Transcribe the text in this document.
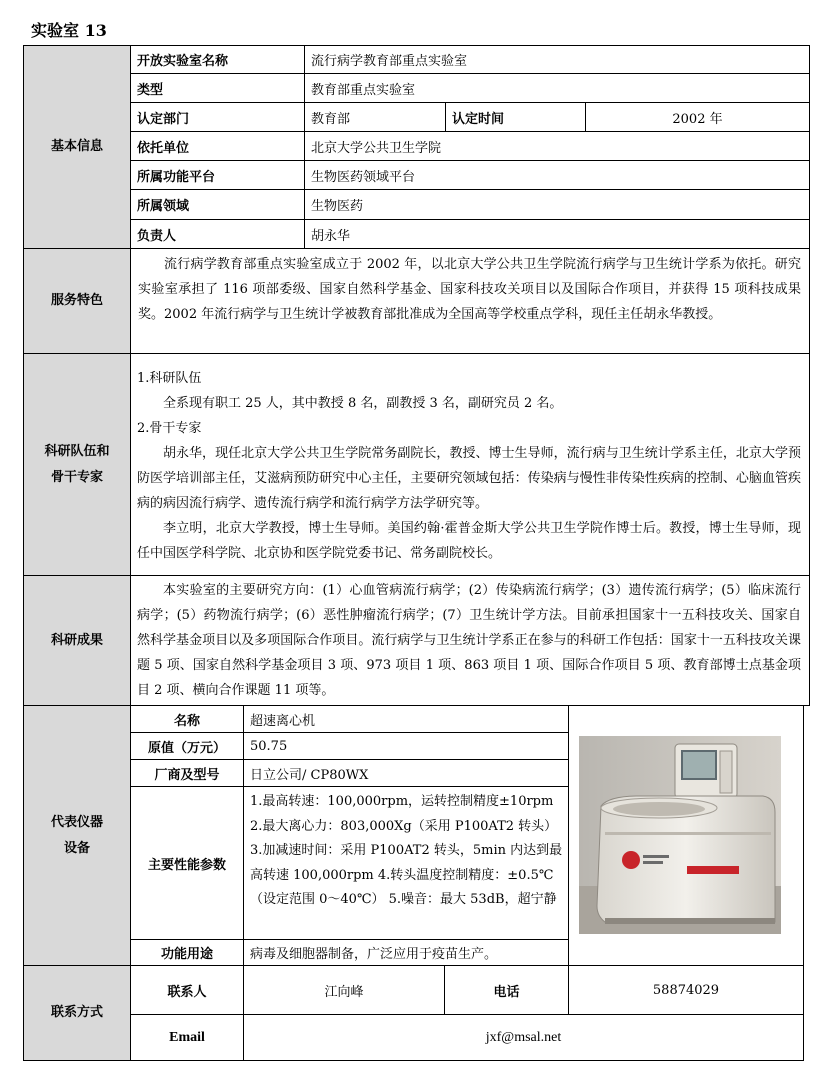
实验室 13
基本信息
开放实验室名称	流行病学教育部重点实验室
类型	教育部重点实验室
认定部门	教育部	认定时间	2002 年
依托单位	北京大学公共卫生学院
所属功能平台	生物医药领域平台
所属领域	生物医药
负责人	胡永华
服务特色
流行病学教育部重点实验室成立于 2002 年，以北京大学公共卫生学院流行病学与卫生统计学系为依托。研究实验室承担了 116 项部委级、国家自然科学基金、国家科技攻关项目以及国际合作项目，并获得 15 项科技成果奖。2002 年流行病学与卫生统计学被教育部批准成为全国高等学校重点学科，现任主任胡永华教授。
科研队伍和
骨干专家
1.科研队伍
全系现有职工 25 人，其中教授 8 名，副教授 3 名，副研究员 2 名。
2.骨干专家
胡永华，现任北京大学公共卫生学院常务副院长，教授、博士生导师，流行病与卫生统计学系主任，北京大学预防医学培训部主任，艾滋病预防研究中心主任，主要研究领域包括：传染病与慢性非传染性疾病的控制、心脑血管疾病的病因流行病学、遗传流行病学和流行病学方法学研究等。
李立明，北京大学教授，博士生导师。美国约翰·霍普金斯大学公共卫生学院作博士后。教授，博士生导师，现任中国医学科学院、北京协和医学院党委书记、常务副院校长。
科研成果
本实验室的主要研究方向：(1）心血管病流行病学；(2）传染病流行病学；(3）遗传流行病学；(5）临床流行病学；(5）药物流行病学；(6）恶性肿瘤流行病学；(7）卫生统计学方法。目前承担国家十一五科技攻关、国家自然科学基金项目以及多项国际合作项目。流行病学与卫生统计学系正在参与的科研工作包括：国家十一五科技攻关课题 5 项、国家自然科学基金项目 3 项、973 项目 1 项、863 项目 1 项、国际合作项目 5 项、教育部博士点基金项目 2 项、横向合作课题 11 项等。
代表仪器
设备
名称	超速离心机
原值（万元）	50.75
厂商及型号	日立公司/ CP80WX
主要性能参数
1.最高转速：100,000rpm，运转控制精度±10rpm 2.最大离心力：803,000Xg（采用 P100AT2 转头）3.加减速时间：采用 P100AT2 转头，5min 内达到最高转速 100,000rpm 4.转头温度控制精度：±0.5℃（设定范围 0～40℃） 5.噪音：最大 53dB，超宁静
功能用途	病毒及细胞器制备，广泛应用于疫苗生产。
联系方式
联系人	江向峰	电话	58874029
Email	jxf@msal.net
